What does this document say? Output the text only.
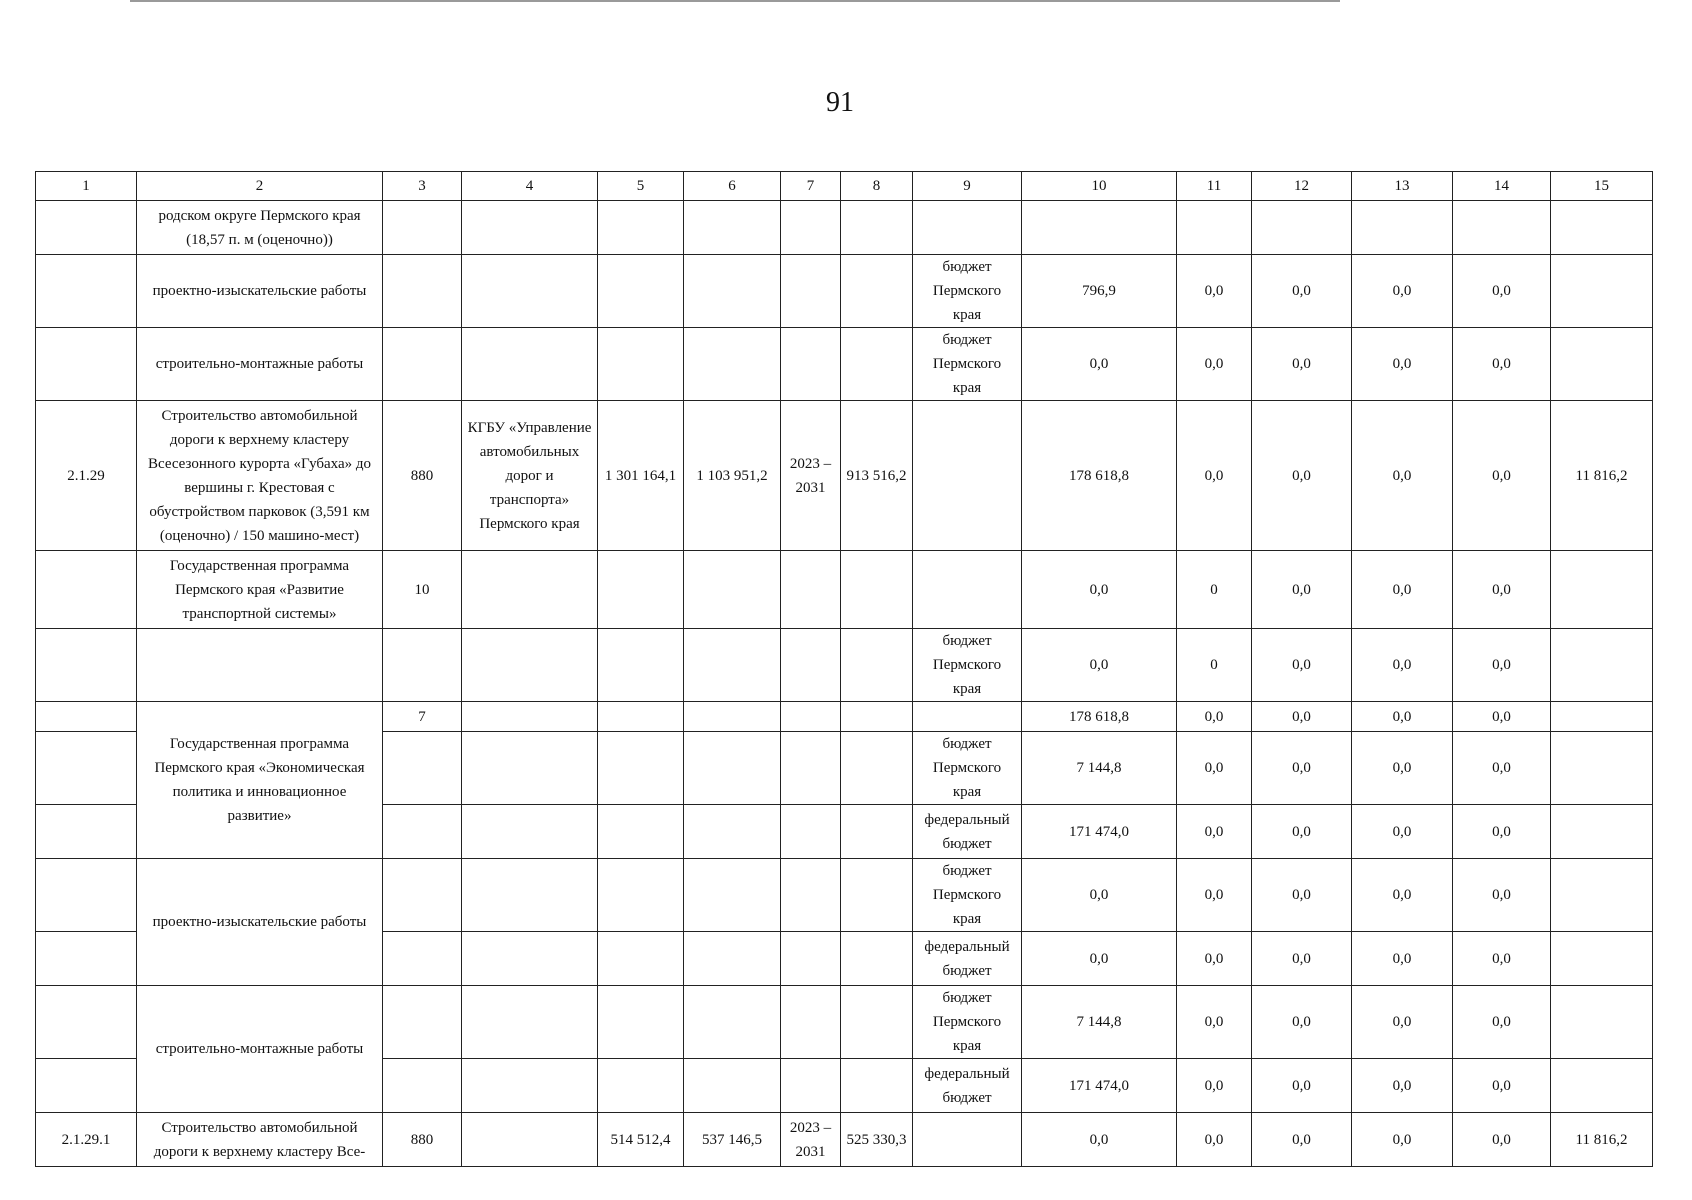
91
1	2	3	4	5	6	7	8	9	10	11	12	13	14	15
	родском округе Пермского края (18,57 п. м (оценочно))													
	проектно-изыскательские работы							бюджет Пермского края	796,9	0,0	0,0	0,0	0,0	
	строительно-монтажные работы							бюджет Пермского края	0,0	0,0	0,0	0,0	0,0	
2.1.29	Строительство автомобильной дороги к верхнему кластеру Всесезонного курорта «Губаха» до вершины г. Крестовая с обустройством парковок (3,591 км (оценочно) / 150 машино-мест)	880	КГБУ «Управление автомобильных дорог и транспорта» Пермского края	1 301 164,1	1 103 951,2	2023 – 2031	913 516,2		178 618,8	0,0	0,0	0,0	0,0	11 816,2
	Государственная программа Пермского края «Развитие транспортной системы»	10							0,0	0	0,0	0,0	0,0	
								бюджет Пермского края	0,0	0	0,0	0,0	0,0	
	Государственная программа Пермского края «Экономическая политика и инновационное развитие»	7							178 618,8	0,0	0,0	0,0	0,0	
								бюджет Пермского края	7 144,8	0,0	0,0	0,0	0,0	
								федеральный бюджет	171 474,0	0,0	0,0	0,0	0,0	
	проектно-изыскательские работы							бюджет Пермского края	0,0	0,0	0,0	0,0	0,0	
								федеральный бюджет	0,0	0,0	0,0	0,0	0,0	
	строительно-монтажные работы							бюджет Пермского края	7 144,8	0,0	0,0	0,0	0,0	
								федеральный бюджет	171 474,0	0,0	0,0	0,0	0,0	
2.1.29.1	Строительство автомобильной дороги к верхнему кластеру Все-	880		514 512,4	537 146,5	2023 – 2031	525 330,3		0,0	0,0	0,0	0,0	0,0	11 816,2
